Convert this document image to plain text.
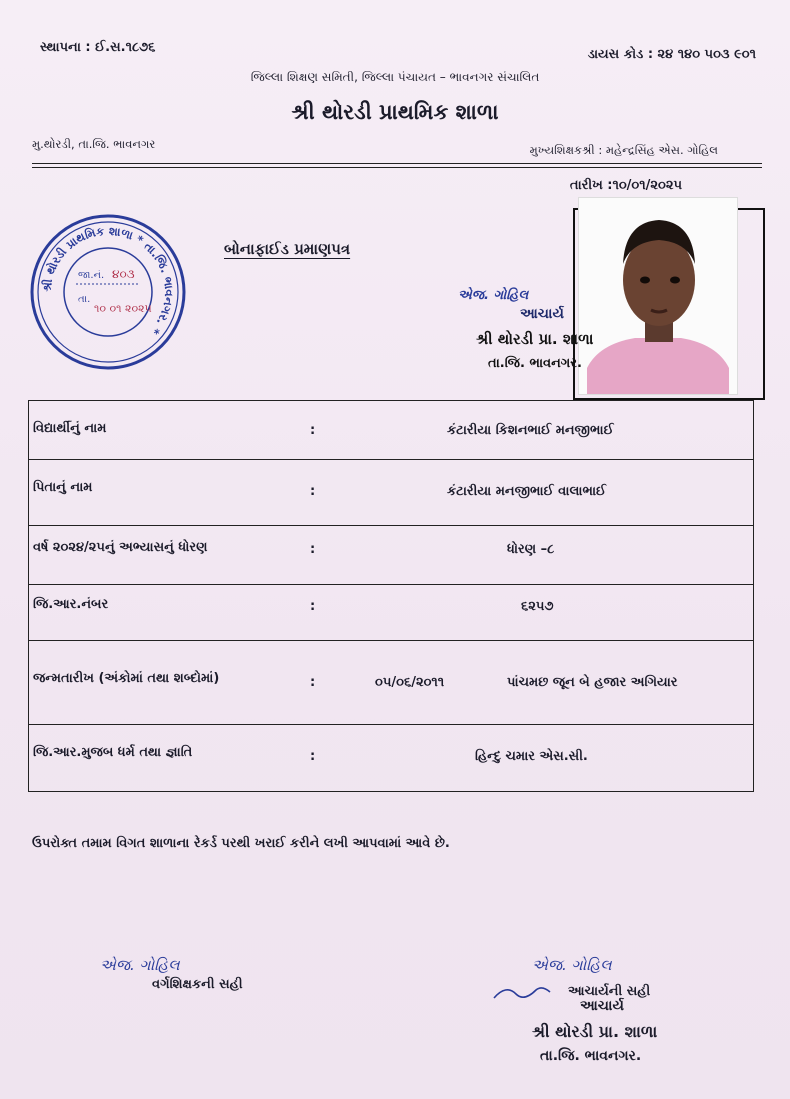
સ્થાપના : ઈ.સ.૧૮૭૬	ડાયસ કોડ : ૨૪ ૧૪૦ ૫૦૩ ૯૦૧
જિલ્લા શિક્ષણ સમિતી, જિલ્લા પંચાયત – ભાવનગર સંચાલિત
શ્રી થોરડી પ્રાથમિક શાળા
મુ.થોરડી, તા.જિ. ભાવનગર	મુખ્યશિક્ષકશ્રી : મહેન્દ્રસિંહ એસ. ગોહિલ
તારીખ :૧૦/૦૧/૨૦૨૫
શ્રી થોરડી પ્રાથમિક શાળા * તા.જિ. ભાવનગર. *
જા.નં. ૪૦૩
તા.
૧૦ ૦૧ ૨૦૨૫
બોનાફાઈડ પ્રમાણપત્ર
એજ. ગોહિલ
આચાર્ય
શ્રી થોરડી પ્રા. શાળા
તા.જિ. ભાવનગર.
વિદ્યાર્થીનું નામ	:	કંટારીયા કિશનભાઈ મનજીભાઈ
પિતાનું નામ	:	કંટારીયા મનજીભાઈ વાલાભાઈ
વર્ષ ૨૦૨૪/૨૫નું અભ્યાસનું ધોરણ	:	ધોરણ –૮
જિ.આર.નંબર	:	૬૨૫૭
જન્મતારીખ (અંકોમાં તથા શબ્દોમાં)	:	૦૫/૦૬/૨૦૧૧	પાંચમછ જૂન બે હજાર અગિયાર
જિ.આર.મુજબ ધર્મ તથા જ્ઞાતિ	:	હિન્દુ ચમાર એસ.સી.
ઉપરોક્ત તમામ વિગત શાળાના રેકર્ડ પરથી ખરાઈ કરીને લખી આપવામાં આવે છે.
એજ. ગોહિલ
વર્ગશિક્ષકની સહી
એજ. ગોહિલ
આચાર્યની સહી
આચાર્ય
શ્રી થોરડી પ્રા. શાળા
તા.જિ. ભાવનગર.
